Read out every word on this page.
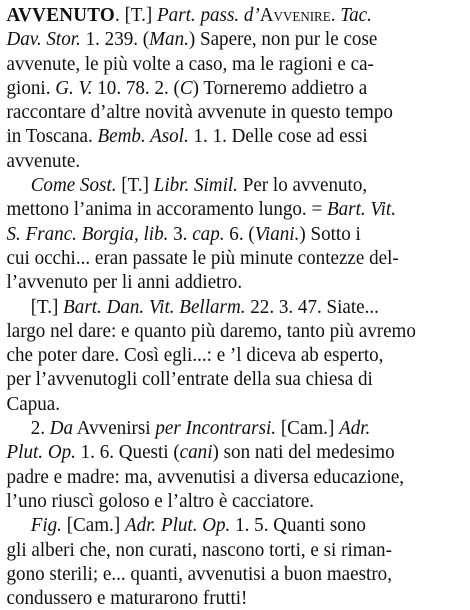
AVVENUTO. [T.] Part. pass. d’Avvenire. Tac.
Dav. Stor. 1. 239. (Man.) Sapere, non pur le cose
avvenute, le più volte a caso, ma le ragioni e ca-
gioni. G. V. 10. 78. 2. (C) Torneremo addietro a
raccontare d’altre novità avvenute in questo tempo
in Toscana. Bemb. Asol. 1. 1. Delle cose ad essi
avvenute.
Come Sost. [T.] Libr. Simil. Per lo avvenuto,
mettono l’anima in accoramento lungo. = Bart. Vit.
S. Franc. Borgia, lib. 3. cap. 6. (Viani.) Sotto i
cui occhi... eran passate le più minute contezze del-
l’avvenuto per li anni addietro.
[T.] Bart. Dan. Vit. Bellarm. 22. 3. 47. Siate...
largo nel dare: e quanto più daremo, tanto più avremo
che poter dare. Così egli...: e ’l diceva ab esperto,
per l’avvenutogli coll’entrate della sua chiesa di
Capua.
2. Da Avvenirsi per Incontrarsi. [Cam.] Adr.
Plut. Op. 1. 6. Questi (cani) son nati del medesimo
padre e madre: ma, avvenutisi a diversa educazione,
l’uno riuscì goloso e l’altro è cacciatore.
Fig. [Cam.] Adr. Plut. Op. 1. 5. Quanti sono
gli alberi che, non curati, nascono torti, e si riman-
gono sterili; e... quanti, avvenutisi a buon maestro,
condussero e maturarono frutti!
